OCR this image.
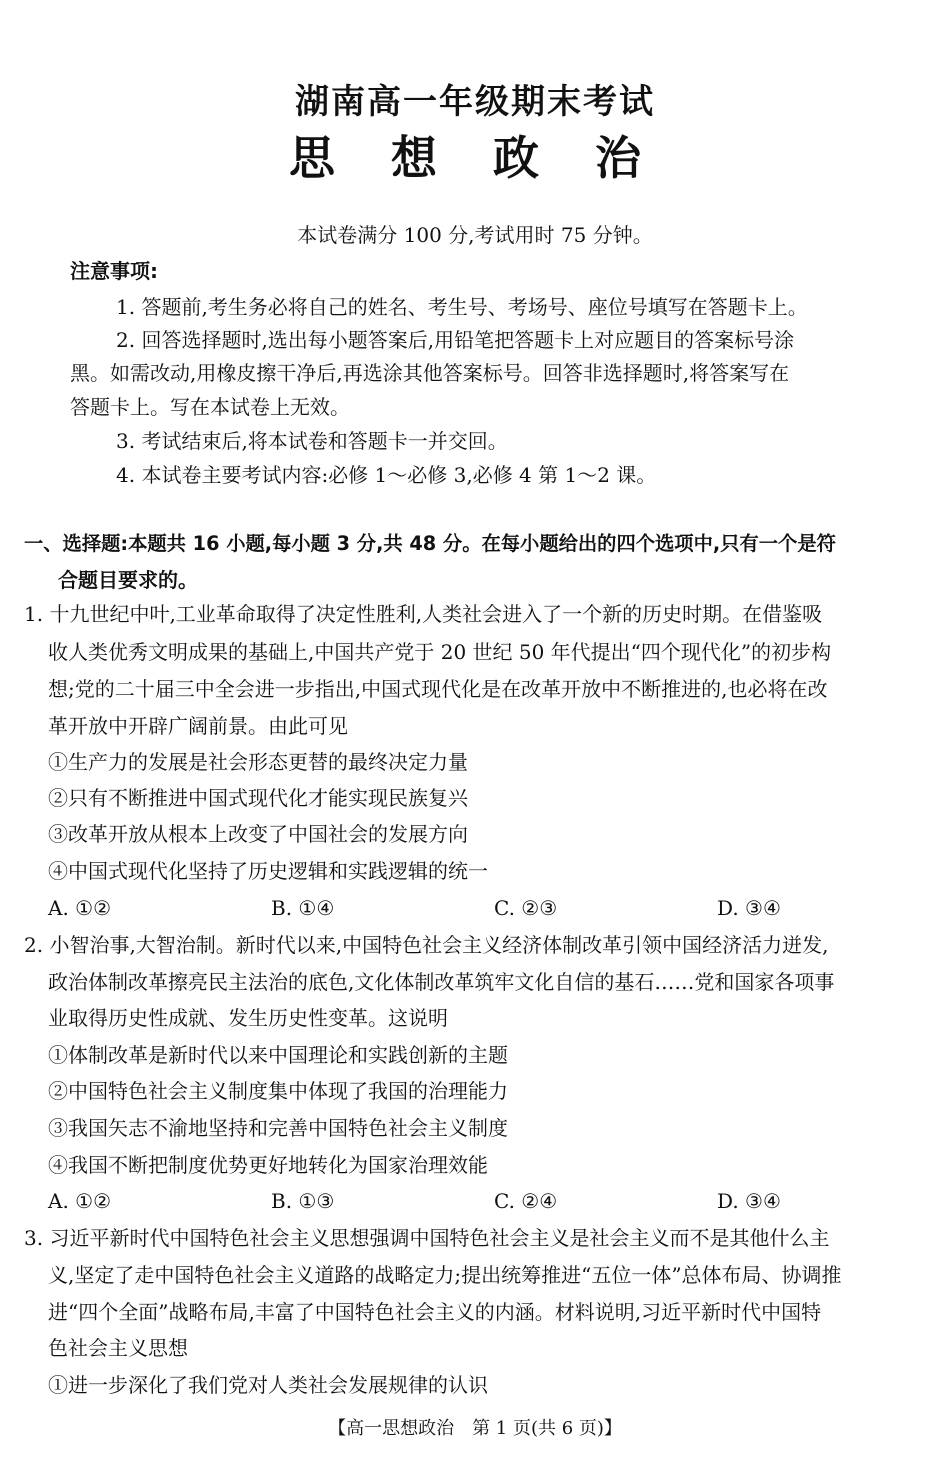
湖南高一年级期末考试
思 想 政 治
本试卷满分 100 分,考试用时 75 分钟。
注意事项:
1. 答题前,考生务必将自己的姓名、考生号、考场号、座位号填写在答题卡上。
2. 回答选择题时,选出每小题答案后,用铅笔把答题卡上对应题目的答案标号涂
黑。如需改动,用橡皮擦干净后,再选涂其他答案标号。回答非选择题时,将答案写在
答题卡上。写在本试卷上无效。
3. 考试结束后,将本试卷和答题卡一并交回。
4. 本试卷主要考试内容:必修 1～必修 3,必修 4 第 1～2 课。
一、选择题:本题共 16 小题,每小题 3 分,共 48 分。在每小题给出的四个选项中,只有一个是符
合题目要求的。
1. 十九世纪中叶,工业革命取得了决定性胜利,人类社会进入了一个新的历史时期。在借鉴吸
收人类优秀文明成果的基础上,中国共产党于 20 世纪 50 年代提出“四个现代化”的初步构
想;党的二十届三中全会进一步指出,中国式现代化是在改革开放中不断推进的,也必将在改
革开放中开辟广阔前景。由此可见
①生产力的发展是社会形态更替的最终决定力量
②只有不断推进中国式现代化才能实现民族复兴
③改革开放从根本上改变了中国社会的发展方向
④中国式现代化坚持了历史逻辑和实践逻辑的统一
A. ①②	B. ①④	C. ②③	D. ③④
2. 小智治事,大智治制。新时代以来,中国特色社会主义经济体制改革引领中国经济活力迸发,
政治体制改革擦亮民主法治的底色,文化体制改革筑牢文化自信的基石……党和国家各项事
业取得历史性成就、发生历史性变革。这说明
①体制改革是新时代以来中国理论和实践创新的主题
②中国特色社会主义制度集中体现了我国的治理能力
③我国矢志不渝地坚持和完善中国特色社会主义制度
④我国不断把制度优势更好地转化为国家治理效能
A. ①②	B. ①③	C. ②④	D. ③④
3. 习近平新时代中国特色社会主义思想强调中国特色社会主义是社会主义而不是其他什么主
义,坚定了走中国特色社会主义道路的战略定力;提出统筹推进“五位一体”总体布局、协调推
进“四个全面”战略布局,丰富了中国特色社会主义的内涵。材料说明,习近平新时代中国特
色社会主义思想
①进一步深化了我们党对人类社会发展规律的认识
【高一思想政治　第 1 页(共 6 页)】
